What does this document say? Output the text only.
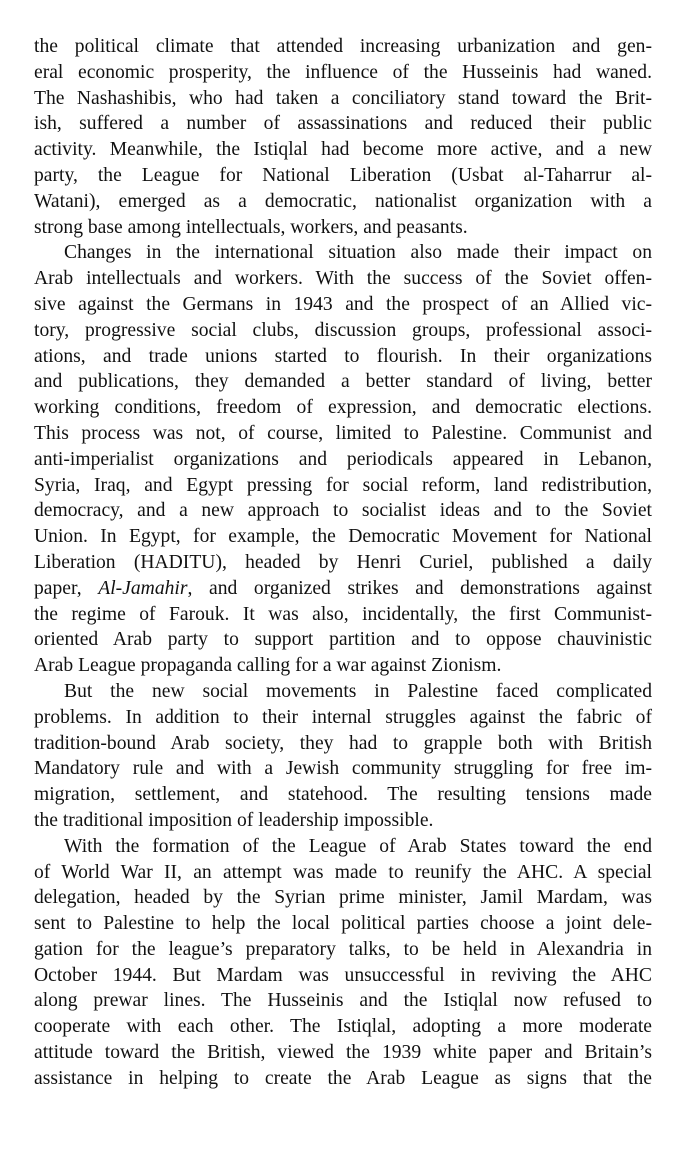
the political climate that attended increasing urbanization and gen-
eral economic prosperity, the influence of the Husseinis had waned.
The Nashashibis, who had taken a conciliatory stand toward the Brit-
ish, suffered a number of assassinations and reduced their public
activity. Meanwhile, the Istiqlal had become more active, and a new
party, the League for National Liberation (Usbat al-Taharrur al-
Watani), emerged as a democratic, nationalist organization with a
strong base among intellectuals, workers, and peasants.
Changes in the international situation also made their impact on
Arab intellectuals and workers. With the success of the Soviet offen-
sive against the Germans in 1943 and the prospect of an Allied vic-
tory, progressive social clubs, discussion groups, professional associ-
ations, and trade unions started to flourish. In their organizations
and publications, they demanded a better standard of living, better
working conditions, freedom of expression, and democratic elections.
This process was not, of course, limited to Palestine. Communist and
anti-imperialist organizations and periodicals appeared in Lebanon,
Syria, Iraq, and Egypt pressing for social reform, land redistribution,
democracy, and a new approach to socialist ideas and to the Soviet
Union. In Egypt, for example, the Democratic Movement for National
Liberation (HADITU), headed by Henri Curiel, published a daily
paper, Al-Jamahir, and organized strikes and demonstrations against
the regime of Farouk. It was also, incidentally, the first Communist-
oriented Arab party to support partition and to oppose chauvinistic
Arab League propaganda calling for a war against Zionism.
But the new social movements in Palestine faced complicated
problems. In addition to their internal struggles against the fabric of
tradition-bound Arab society, they had to grapple both with British
Mandatory rule and with a Jewish community struggling for free im-
migration, settlement, and statehood. The resulting tensions made
the traditional imposition of leadership impossible.
With the formation of the League of Arab States toward the end
of World War II, an attempt was made to reunify the AHC. A special
delegation, headed by the Syrian prime minister, Jamil Mardam, was
sent to Palestine to help the local political parties choose a joint dele-
gation for the league’s preparatory talks, to be held in Alexandria in
October 1944. But Mardam was unsuccessful in reviving the AHC
along prewar lines. The Husseinis and the Istiqlal now refused to
cooperate with each other. The Istiqlal, adopting a more moderate
attitude toward the British, viewed the 1939 white paper and Britain’s
assistance in helping to create the Arab League as signs that the
